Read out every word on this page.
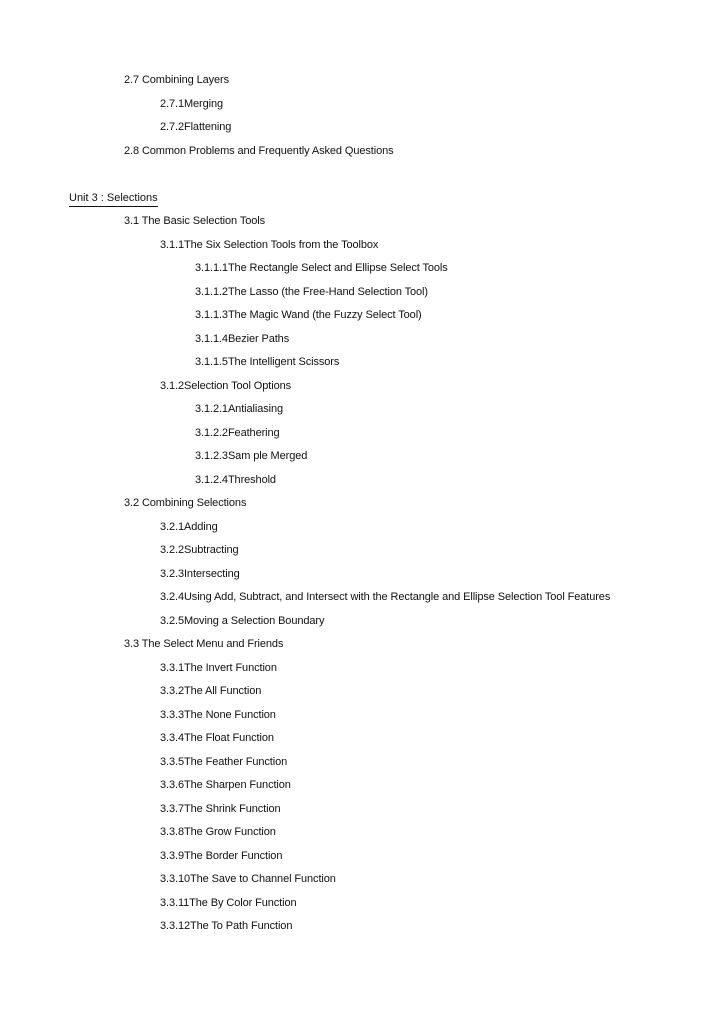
2.7 Combining Layers
2.7.1Merging
2.7.2Flattening
2.8 Common Problems and Frequently Asked Questions
Unit 3 : Selections
3.1 The Basic Selection Tools
3.1.1The Six Selection Tools from the Toolbox
3.1.1.1The Rectangle Select and Ellipse Select Tools
3.1.1.2The Lasso (the Free-Hand Selection Tool)
3.1.1.3The Magic Wand (the Fuzzy Select Tool)
3.1.1.4Bezier Paths
3.1.1.5The Intelligent Scissors
3.1.2Selection Tool Options
3.1.2.1Antialiasing
3.1.2.2Feathering
3.1.2.3Sam ple Merged
3.1.2.4Threshold
3.2 Combining Selections
3.2.1Adding
3.2.2Subtracting
3.2.3Intersecting
3.2.4Using Add, Subtract, and Intersect with the Rectangle and Ellipse Selection Tool Features
3.2.5Moving a Selection Boundary
3.3 The Select Menu and Friends
3.3.1The Invert Function
3.3.2The All Function
3.3.3The None Function
3.3.4The Float Function
3.3.5The Feather Function
3.3.6The Sharpen Function
3.3.7The Shrink Function
3.3.8The Grow Function
3.3.9The Border Function
3.3.10The Save to Channel Function
3.3.11The By Color Function
3.3.12The To Path Function
